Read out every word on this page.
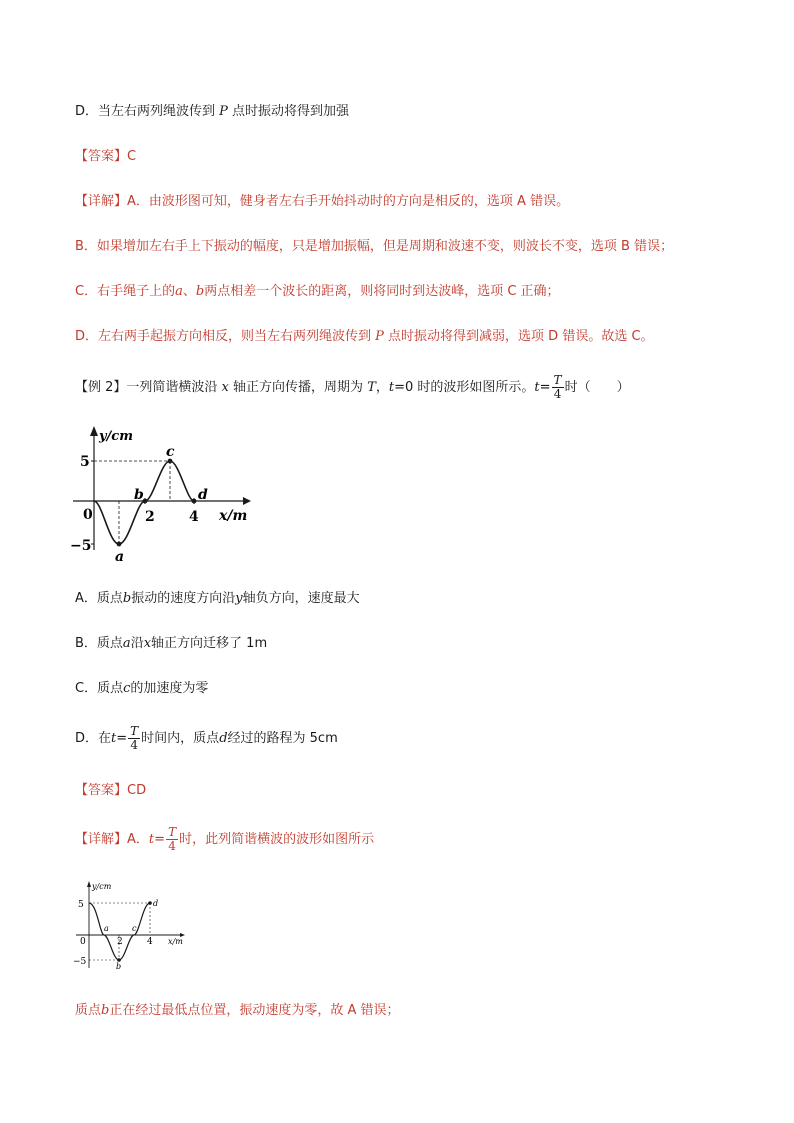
D．当左右两列绳波传到 P 点时振动将得到加强
【答案】C
【详解】A．由波形图可知，健身者左右手开始抖动时的方向是相反的，选项 A 错误。
B．如果增加左右手上下振动的幅度，只是增加振幅，但是周期和波速不变，则波长不变，选项 B 错误；
C．右手绳子上的a、b两点相差一个波长的距离，则将同时到达波峰，选项 C 正确；
D．左右两手起振方向相反，则当左右两列绳波传到 P 点时振动将得到减弱，选项 D 错误。故选 C。
【例 2】一列简谐横波沿 x 轴正方向传播，周期为 T，t=0 时的波形如图所示。$t= \frac{T}{4}$ 时（　　）
y/cm
x/m
5
−5
0	2 4
a
b
c
d
A．质点b振动的速度方向沿y轴负方向，速度最大
B．质点a沿x轴正方向迁移了 1m
C．质点c的加速度为零
D．在$t= \frac{T}{4}$ 时间内，质点d经过的路程为 5cm
【答案】CD
【详解】A．$t= \frac{T}{4}$ 时，此列简谐横波的波形如图所示
y/cm
x/m
5
−5
0	2	4
a
b
c
d
质点b正在经过最低点位置，振动速度为零，故 A 错误；
